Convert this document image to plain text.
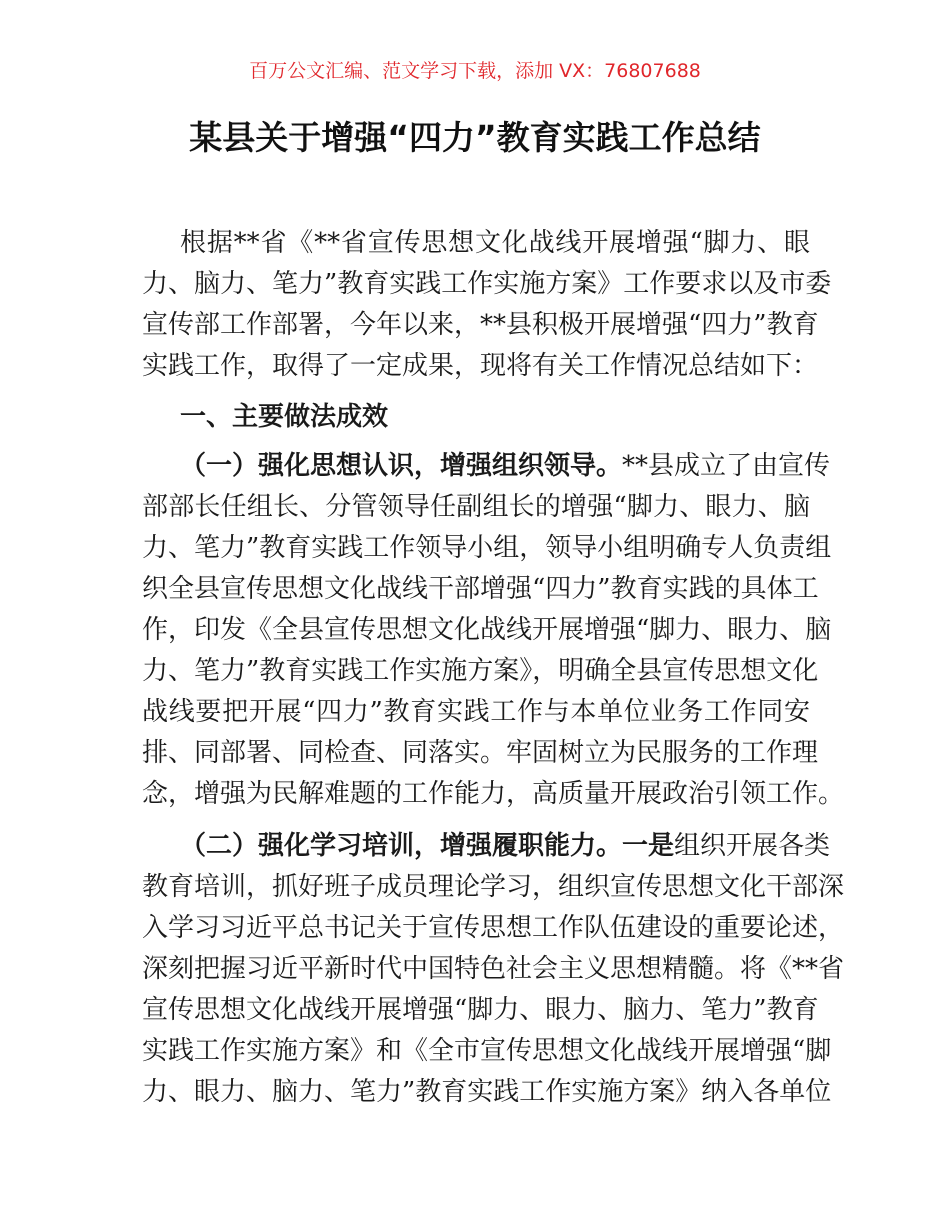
百万公文汇编、范文学习下载，添加 VX：76807688
某县关于增强“四力”教育实践工作总结
根据**省《**省宣传思想文化战线开展增强“脚力、眼
力、脑力、笔力”教育实践工作实施方案》工作要求以及市委
宣传部工作部署，今年以来，**县积极开展增强“四力”教育
实践工作，取得了一定成果，现将有关工作情况总结如下：
一、主要做法成效
（一）强化思想认识，增强组织领导。**县成立了由宣传
部部长任组长、分管领导任副组长的增强“脚力、眼力、脑
力、笔力”教育实践工作领导小组，领导小组明确专人负责组
织全县宣传思想文化战线干部增强“四力”教育实践的具体工
作，印发《全县宣传思想文化战线开展增强“脚力、眼力、脑
力、笔力”教育实践工作实施方案》，明确全县宣传思想文化
战线要把开展“四力”教育实践工作与本单位业务工作同安
排、同部署、同检查、同落实。牢固树立为民服务的工作理
念，增强为民解难题的工作能力，高质量开展政治引领工作。
（二）强化学习培训，增强履职能力。一是组织开展各类
教育培训，抓好班子成员理论学习，组织宣传思想文化干部深
入学习习近平总书记关于宣传思想工作队伍建设的重要论述，
深刻把握习近平新时代中国特色社会主义思想精髓。将《**省
宣传思想文化战线开展增强“脚力、眼力、脑力、笔力”教育
实践工作实施方案》和《全市宣传思想文化战线开展增强“脚
力、眼力、脑力、笔力”教育实践工作实施方案》纳入各单位
